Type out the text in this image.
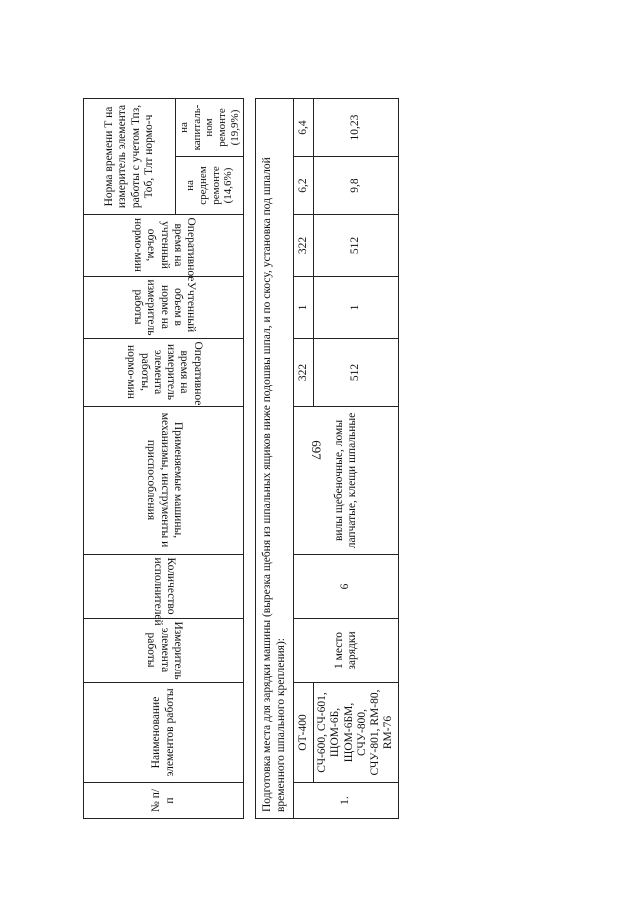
697
№ п/п	Наименование элементов работы	Измеритель элемента работы	Количество исполнителей	Применяемые машины, механизмы, инструменты и приспособления	Оперативное время на измеритель элемента работы, нормо-мин	Учтенный объем в норме на измеритель работы	Оперативное время на учтенный объем, нормо-мин	Норма времени Т на измеритель элемента работы с учетом Тпз, Тоб, Тлт нормо-ч	
								на среднем ремонте (14,6%)	на капиталь-ном ремонте (19,9%)

Подготовка места для зарядки машины (вырезка щебня из шпальных ящиков ниже подошвы шпал, и по скосу, установка под шпалой временного шпального крепления):									
1.	ОТ-400	1 место зарядки	6	вилы щебеночные, ломы лапчатые, клещи шпальные	322	1	322	6,2	6,4
	СЧ-600, СЧ-601, ЩОМ-6Б, ЩОМ-6БМ, СЧУ-800, СЧУ-801, RM-80, RM-76				512	1	512	9,8	10,23
